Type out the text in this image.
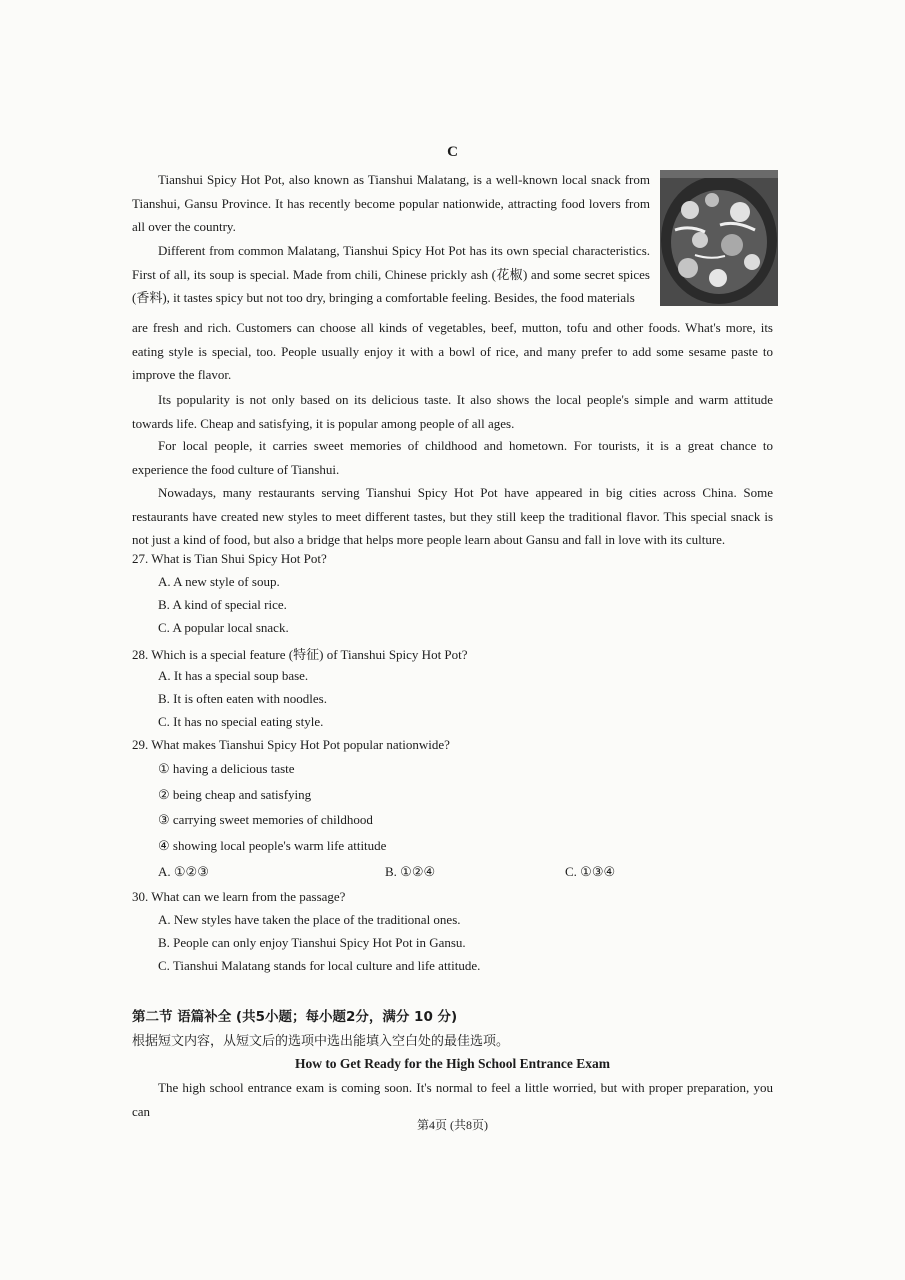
C

Tianshui Spicy Hot Pot, also known as Tianshui Malatang, is a well-known local snack from Tianshui, Gansu Province. It has recently become popular nationwide, attracting food lovers from all over the country.

Different from common Malatang, Tianshui Spicy Hot Pot has its own special characteristics. First of all, its soup is special. Made from chili, Chinese prickly ash (花椒) and some secret spices (香料), it tastes spicy but not too dry, bringing a comfortable feeling. Besides, the food materials

are fresh and rich. Customers can choose all kinds of vegetables, beef, mutton, tofu and other foods. What's more, its eating style is special, too. People usually enjoy it with a bowl of rice, and many prefer to add some sesame paste to improve the flavor.

Its popularity is not only based on its delicious taste. It also shows the local people's simple and warm attitude towards life. Cheap and satisfying, it is popular among people of all ages.

For local people, it carries sweet memories of childhood and hometown. For tourists, it is a great chance to experience the food culture of Tianshui.

Nowadays, many restaurants serving Tianshui Spicy Hot Pot have appeared in big cities across China. Some restaurants have created new styles to meet different tastes, but they still keep the traditional flavor. This special snack is not just a kind of food, but also a bridge that helps more people learn about Gansu and fall in love with its culture.

27. What is Tian Shui Spicy Hot Pot?

A. A new style of soup.

B. A kind of special rice.

C. A popular local snack.

28. Which is a special feature (特征) of Tianshui Spicy Hot Pot?

A. It has a special soup base.

B. It is often eaten with noodles.

C. It has no special eating style.

29. What makes Tianshui Spicy Hot Pot popular nationwide?

① having a delicious taste

② being cheap and satisfying

③ carrying sweet memories of childhood

④ showing local people's warm life attitude

A. ①②③	B. ①②④	C. ①③④

30. What can we learn from the passage?

A. New styles have taken the place of the traditional ones.

B. People can only enjoy Tianshui Spicy Hot Pot in Gansu.

C. Tianshui Malatang stands for local culture and life attitude.

第二节 语篇补全 (共5小题；每小题2分，满分 10 分)

根据短文内容，从短文后的选项中选出能填入空白处的最佳选项。

How to Get Ready for the High School Entrance Exam

The high school entrance exam is coming soon. It's normal to feel a little worried, but with proper preparation, you can

第4页 (共8页)
